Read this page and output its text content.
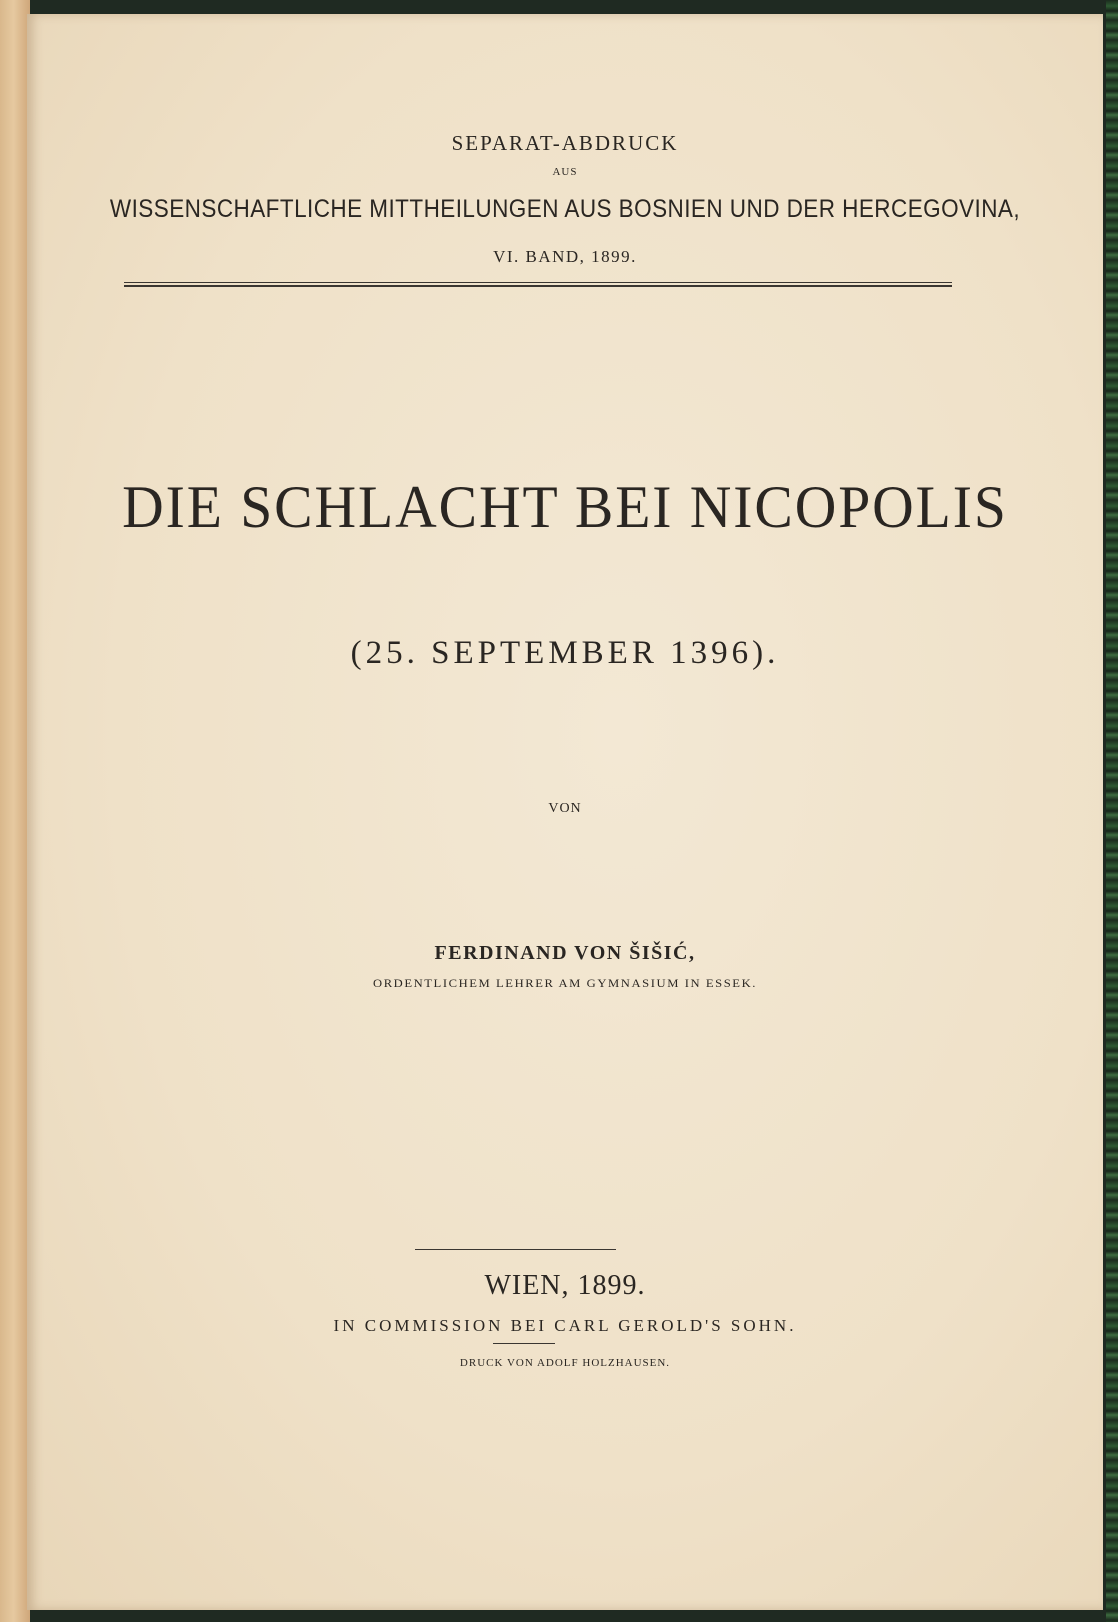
SEPARAT-ABDRUCK
AUS
WISSENSCHAFTLICHE MITTHEILUNGEN AUS BOSNIEN UND DER HERCEGOVINA,
VI. BAND, 1899.
DIE SCHLACHT BEI NICOPOLIS
(25. SEPTEMBER 1396).
VON
FERDINAND VON ŠIŠIĆ,
ORDENTLICHEM LEHRER AM GYMNASIUM IN ESSEK.
WIEN, 1899.
IN COMMISSION BEI CARL GEROLD'S SOHN.
DRUCK VON ADOLF HOLZHAUSEN.
